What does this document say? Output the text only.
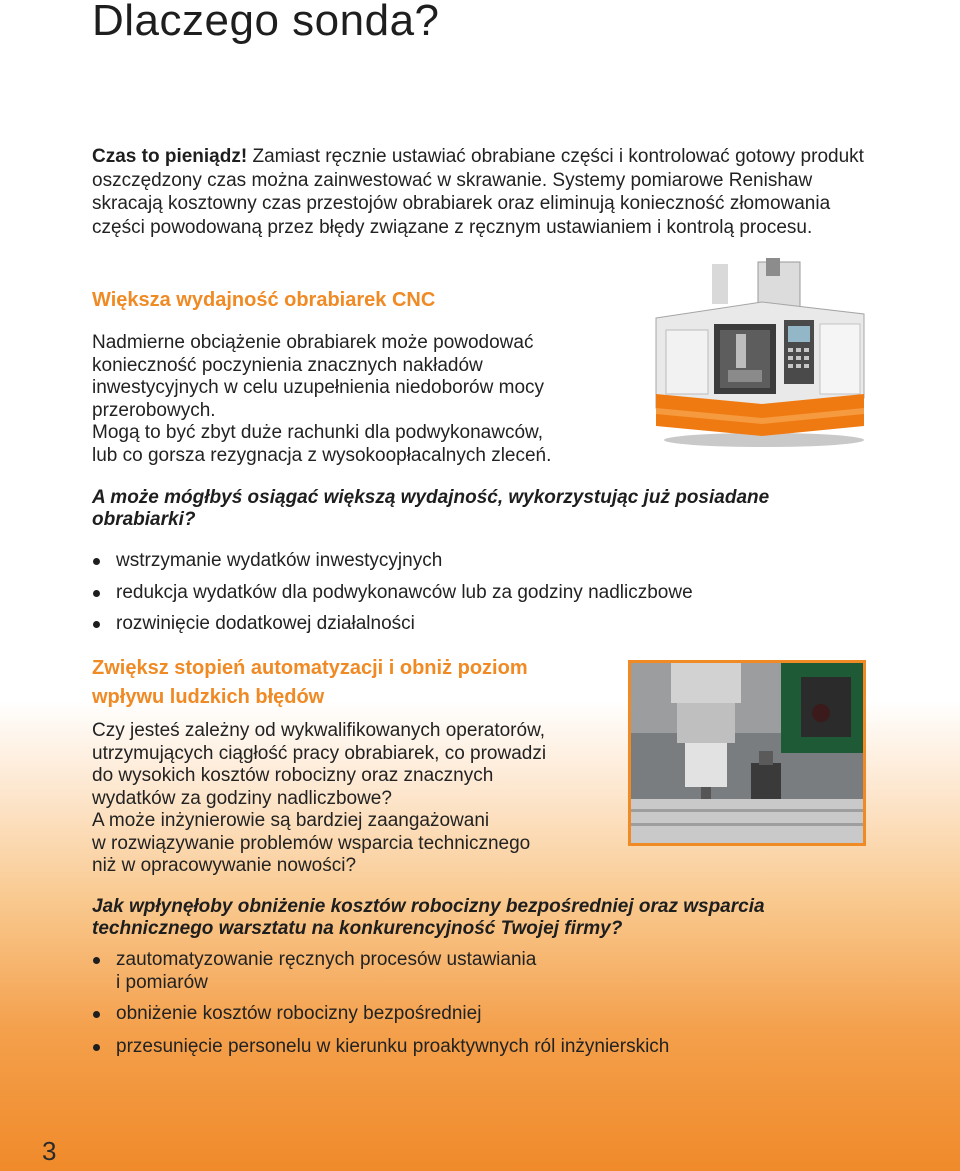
Dlaczego sonda?

Czas to pieniądz! Zamiast ręcznie ustawiać obrabiane części i kontrolować gotowy produkt oszczędzony czas można zainwestować w skrawanie. Systemy pomiarowe Renishaw skracają kosztowny czas przestojów obrabiarek oraz eliminują konieczność złomowania części powodowaną przez błędy związane z ręcznym ustawianiem i kontrolą procesu.

Większa wydajność obrabiarek CNC
Nadmierne obciążenie obrabiarek może powodować
konieczność poczynienia znacznych nakładów
inwestycyjnych w celu uzupełnienia niedoborów mocy
przerobowych.
Mogą to być zbyt duże rachunki dla podwykonawców,
lub co gorsza rezygnacja z wysokoopłacalnych zleceń.

A może mógłbyś osiągać większą wydajność, wykorzystując już posiadane obrabiarki?

wstrzymanie wydatków inwestycyjnych
redukcja wydatków dla podwykonawców lub za godziny nadliczbowe
rozwinięcie dodatkowej działalności
Zwiększ stopień automatyzacji i obniż poziom
wpływu ludzkich błędów
Czy jesteś zależny od wykwalifikowanych operatorów,
utrzymujących ciągłość pracy obrabiarek, co prowadzi
do wysokich kosztów robocizny oraz znacznych
wydatków za godziny nadliczbowe?
A może inżynierowie są bardziej zaangażowani
w rozwiązywanie problemów wsparcia technicznego
niż w opracowywanie nowości?

Jak wpłynęłoby obniżenie kosztów robocizny bezpośredniej oraz wsparcia technicznego warsztatu na konkurencyjność Twojej firmy?

zautomatyzowanie ręcznych procesów ustawiania
i pomiarów
obniżenie kosztów robocizny bezpośredniej
przesunięcie personelu w kierunku proaktywnych ról inżynierskich
3
